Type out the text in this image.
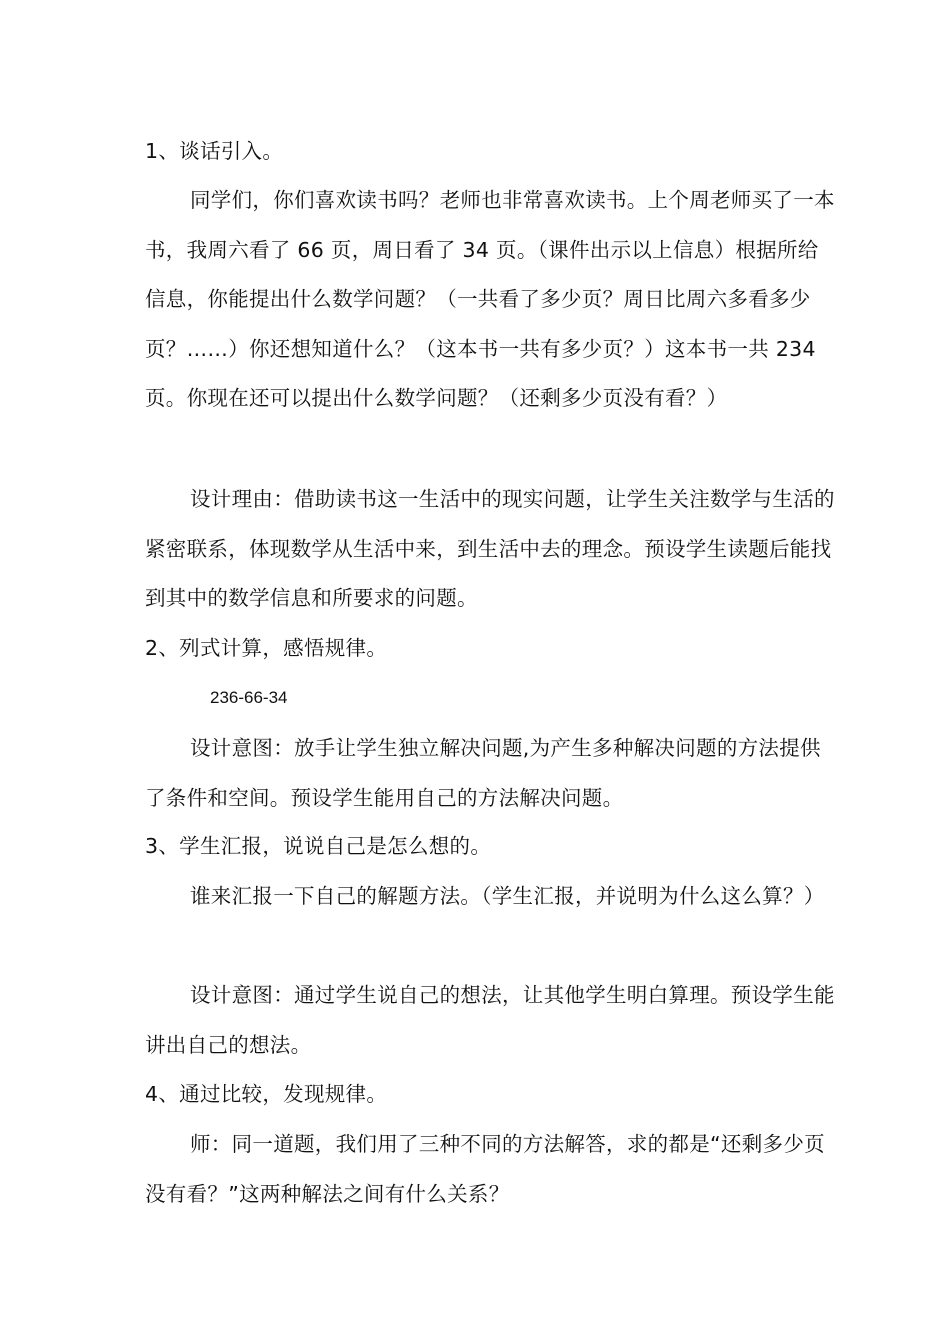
1、谈话引入。
同学们，你们喜欢读书吗？老师也非常喜欢读书。上个周老师买了一本书，我周六看了 66 页，周日看了 34 页。（课件出示以上信息）根据所给信息，你能提出什么数学问题？（一共看了多少页？周日比周六多看多少页？……）你还想知道什么？（这本书一共有多少页？）这本书一共 234 页。你现在还可以提出什么数学问题？（还剩多少页没有看？）
设计理由：借助读书这一生活中的现实问题，让学生关注数学与生活的紧密联系，体现数学从生活中来，到生活中去的理念。预设学生读题后能找到其中的数学信息和所要求的问题。
2、列式计算，感悟规律。
236-66-34
设计意图：放手让学生独立解决问题,为产生多种解决问题的方法提供了条件和空间。预设学生能用自己的方法解决问题。
3、学生汇报，说说自己是怎么想的。
谁来汇报一下自己的解题方法。（学生汇报，并说明为什么这么算？）
设计意图：通过学生说自己的想法，让其他学生明白算理。预设学生能讲出自己的想法。
4、通过比较，发现规律。
师：同一道题，我们用了三种不同的方法解答，求的都是“还剩多少页没有看？”这两种解法之间有什么关系？
